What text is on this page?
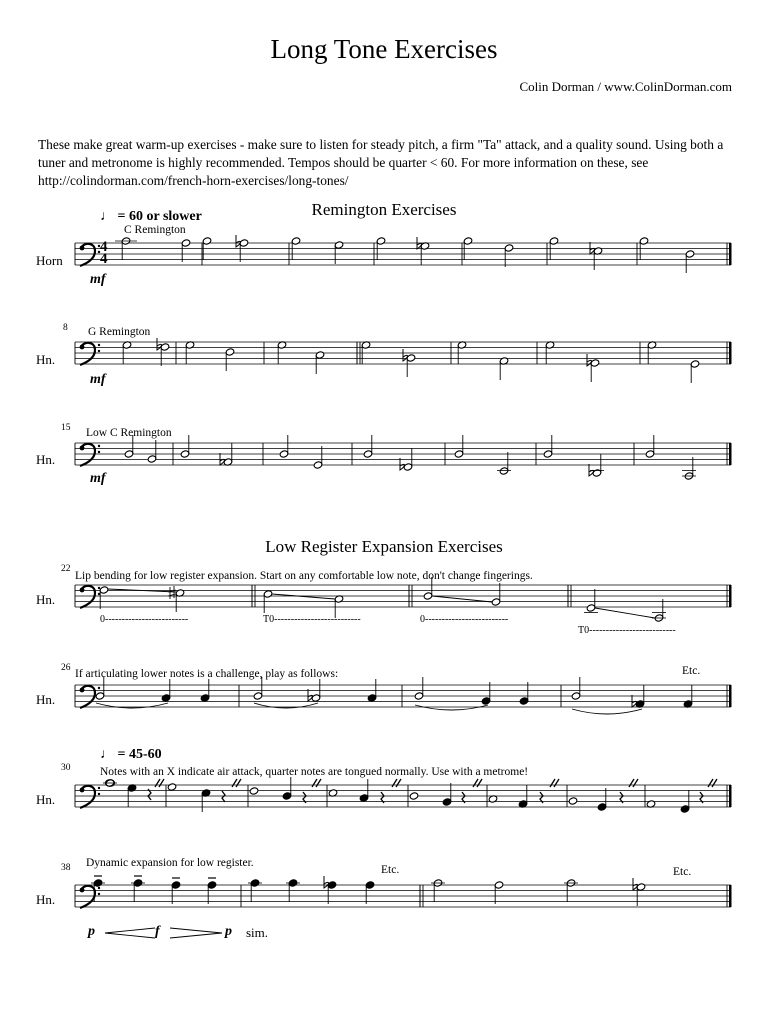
Long Tone Exercises
Colin Dorman / www.ColinDorman.com
These make great warm-up exercises - make sure to listen for steady pitch, a firm "Ta" attack, and a quality sound. Using both a tuner and metronome is highly recommended. Tempos should be quarter < 60. For more information on these, see http://colindorman.com/french-horn-exercises/long-tones/
Remington Exercises
Low Register Expansion Exercises
♩ = 60 or slower
♩ = 45-60
Horn
Hn.
Hn.
Hn.
Hn.
Hn.
Hn.
8
15
22
26
30
38
C Remington
G Remington
Low C Remington
Lip bending for low register expansion. Start on any comfortable low note, don't change fingerings.
If articulating lower notes is a challenge, play as follows:
Notes with an X indicate air attack, quarter notes are tongued normally. Use with a metrome!
Dynamic expansion for low register.
mf
mf
mf
p	f	p sim.
Etc.
Etc.	Etc.
0-------------------------	T0--------------------------	0-------------------------
T0--------------------------
4
4
